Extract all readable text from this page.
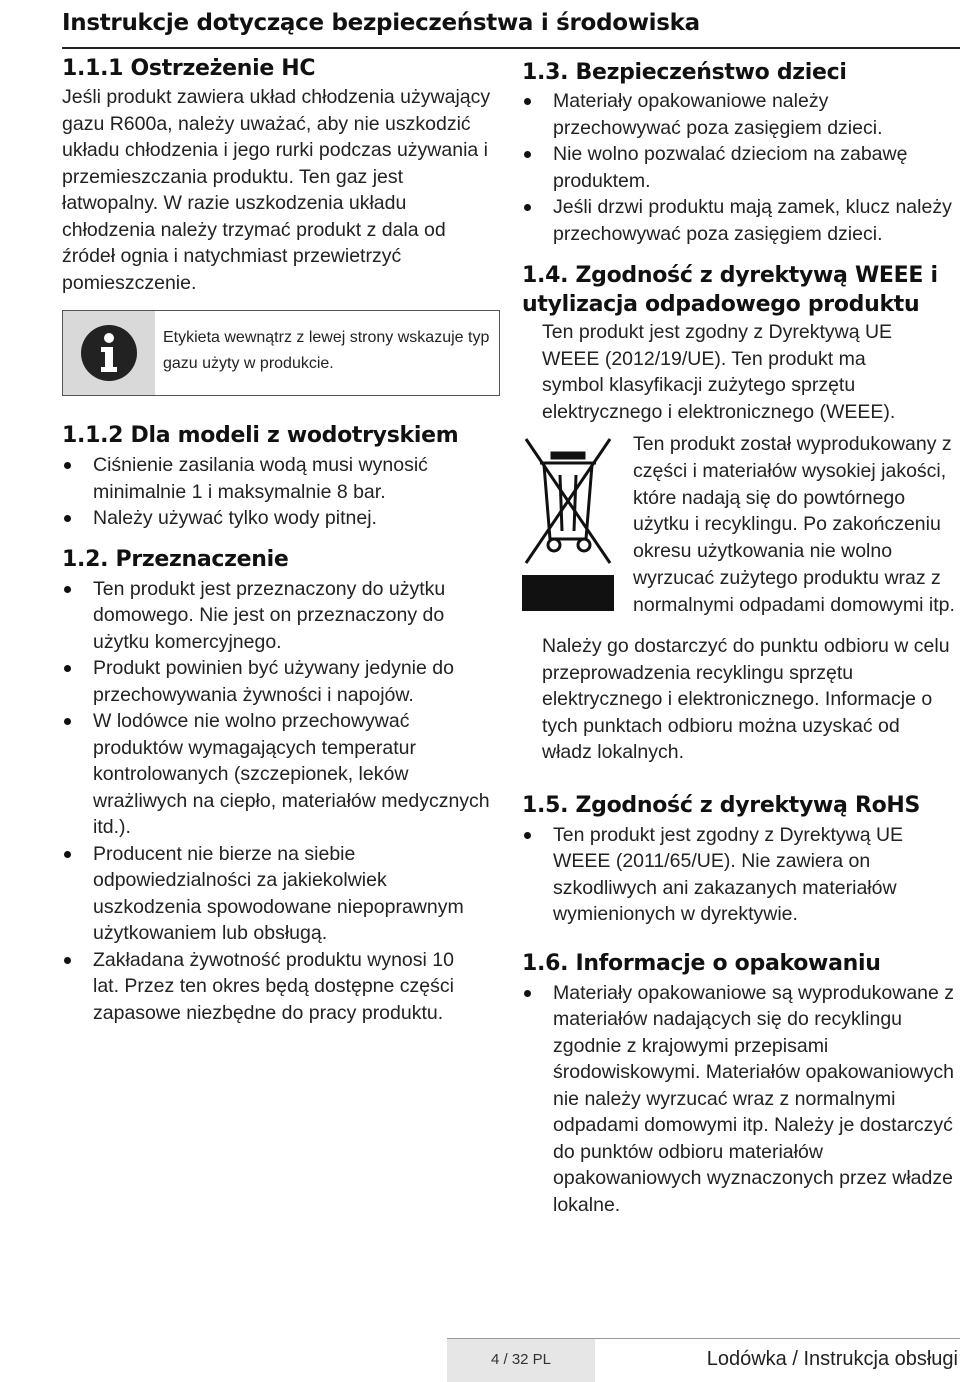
Instrukcje dotyczące bezpieczeństwa i środowiska
1.1.1 Ostrzeżenie HC

Jeśli produkt zawiera układ chłodzenia używający gazu R600a, należy uważać, aby nie uszkodzić układu chłodzenia i jego rurki podczas używania i przemieszczania produktu. Ten gaz jest łatwopalny. W razie uszkodzenia układu chłodzenia należy trzymać produkt z dala od źródeł ognia i natychmiast przewietrzyć pomieszczenie.

Etykieta wewnątrz z lewej strony wskazuje typ gazu użyty w produkcie.
1.1.2 Dla modeli z wodotryskiem
Ciśnienie zasilania wodą musi wynosić minimalnie 1 i maksymalnie 8 bar.
Należy używać tylko wody pitnej.
1.2. Przeznaczenie
Ten produkt jest przeznaczony do użytku domowego. Nie jest on przeznaczony do użytku komercyjnego.
Produkt powinien być używany jedynie do przechowywania żywności i napojów.
W lodówce nie wolno przechowywać produktów wymagających temperatur kontrolowanych (szczepionek, leków wrażliwych na ciepło, materiałów medycznych itd.).
Producent nie bierze na siebie odpowiedzialności za jakiekolwiek uszkodzenia spowodowane niepoprawnym użytkowaniem lub obsługą.
Zakładana żywotność produktu wynosi 10 lat. Przez ten okres będą dostępne części zapasowe niezbędne do pracy produktu.
1.3. Bezpieczeństwo dzieci
Materiały opakowaniowe należy przechowywać poza zasięgiem dzieci.
Nie wolno pozwalać dzieciom na zabawę produktem.
Jeśli drzwi produktu mają zamek, klucz należy przechowywać poza zasięgiem dzieci.
1.4. Zgodność z dyrektywą WEEE i utylizacja odpadowego produktu

Ten produkt jest zgodny z Dyrektywą UE WEEE (2012/19/UE). Ten produkt ma symbol klasyfikacji zużytego sprzętu elektrycznego i elektronicznego (WEEE).

Ten produkt został wyprodukowany z części i materiałów wysokiej jakości, które nadają się do powtórnego użytku i recyklingu. Po zakończeniu okresu użytkowania nie wolno wyrzucać zużytego produktu wraz z normalnymi odpadami domowymi itp.

Należy go dostarczyć do punktu odbioru w celu przeprowadzenia recyklingu sprzętu elektrycznego i elektronicznego. Informacje o tych punktach odbioru można uzyskać od władz lokalnych.

1.5. Zgodność z dyrektywą RoHS
Ten produkt jest zgodny z Dyrektywą UE WEEE (2011/65/UE). Nie zawiera on szkodliwych ani zakazanych materiałów wymienionych w dyrektywie.
1.6. Informacje o opakowaniu
Materiały opakowaniowe są wyprodukowane z materiałów nadających się do recyklingu zgodnie z krajowymi przepisami środowiskowymi. Materiałów opakowaniowych nie należy wyrzucać wraz z normalnymi odpadami domowymi itp. Należy je dostarczyć do punktów odbioru materiałów opakowaniowych wyznaczonych przez władze lokalne.
4 / 32 PL	Lodówka / Instrukcja obsługi
